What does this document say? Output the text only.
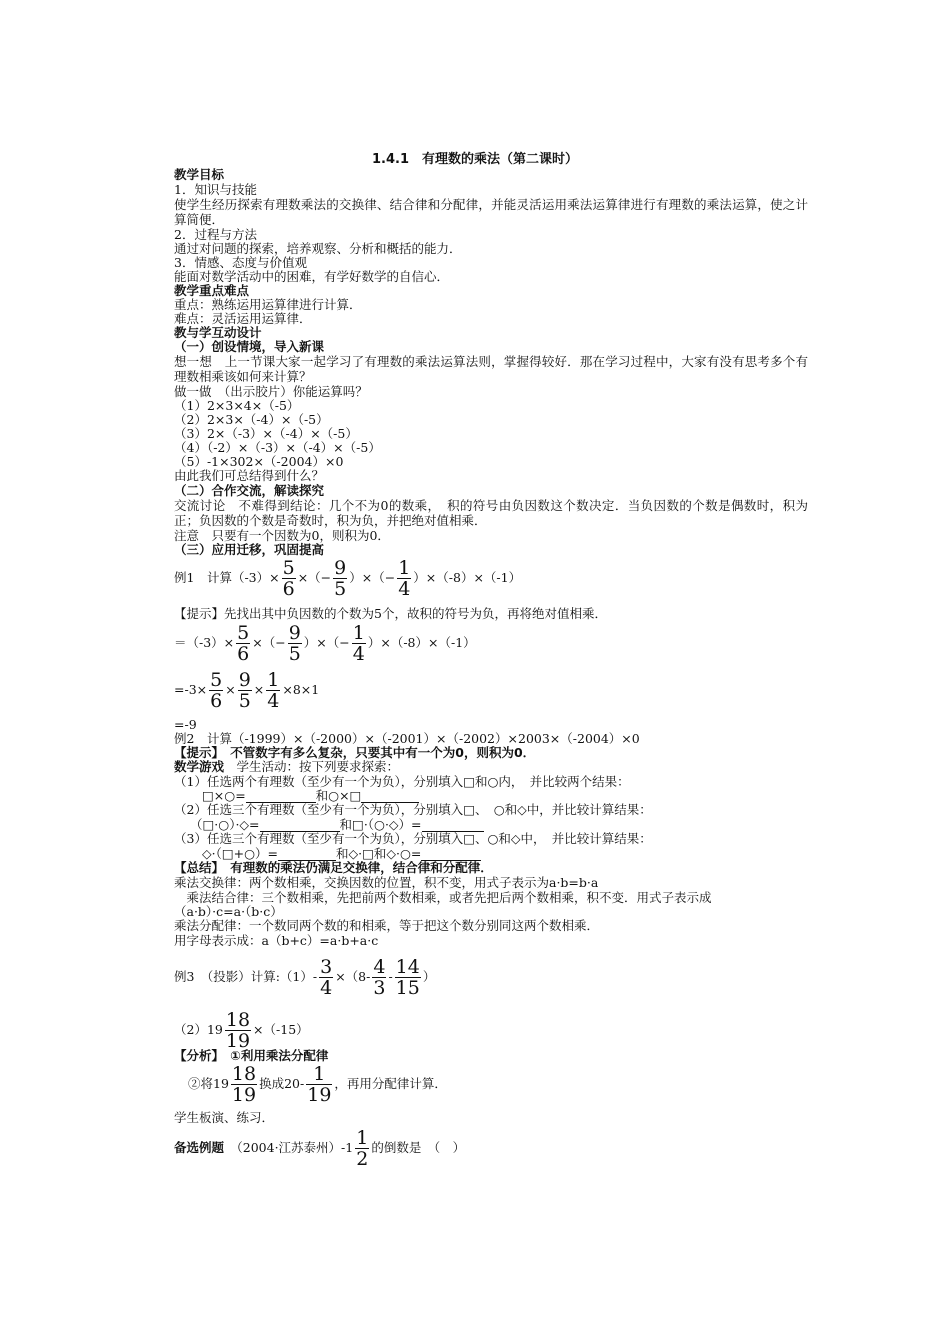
1.4.1　有理数的乘法（第二课时）
教学目标
1．知识与技能
使学生经历探索有理数乘法的交换律、结合律和分配律，并能灵活运用乘法运算律进行有理数的乘法运算，使之计算简便．
2．过程与方法
通过对问题的探索，培养观察、分析和概括的能力．
3．情感、态度与价值观
能面对数学活动中的困难，有学好数学的自信心．
教学重点难点
重点：熟练运用运算律进行计算．
难点：灵活运用运算律．
教与学互动设计
（一）创设情境，导入新课
想一想　上一节课大家一起学习了有理数的乘法运算法则，掌握得较好．那在学习过程中，大家有没有思考多个有理数相乘该如何来计算？
做一做　（出示胶片）你能运算吗？
（1）2×3×4×（-5）
（2）2×3×（-4）×（-5）
（3）2×（-3）×（-4）×（-5）
（4）（-2）×（-3）×（-4）×（-5）
（5）-1×302×（-2004）×0
由此我们可总结得到什么？
（二）合作交流，解读探究
交流讨论　不难得到结论：几个不为0的数乘，　积的符号由负因数这个数决定．当负因数的个数是偶数时，积为正；负因数的个数是奇数时，积为负，并把绝对值相乘．
注意　只要有一个因数为0，则积为0．
（三）应用迁移，巩固提高
例1　计算$(-3)\times \frac{5}{6}$ ×（− $\frac{9}{5}$ ）×（− $\frac{1}{4} )\times(-8)\times(-1)$
【提示】先找出其中负因数的个数为5个，故积的符号为负，再将绝对值相乘．
$=(-3)\times \frac{5}{6}$ ×（− $\frac{9}{5}$ ）×（− $\frac{1}{4} )\times(-8)\times(-1)$
$=-3\times \frac{5}{6} \times \frac{9}{5} \times \frac{1}{4} \times 8\times 1$
=-9
例2　计算（-1999）×（-2000）×（-2001）×（-2002）×2003×（-2004）×0
【提示】　不管数字有多么复杂，只要其中有一个为0，则积为0．
数学游戏　学生活动：按下列要求探索：
（1）任选两个有理数（至少有一个为负），分别填入□和○内，　并比较两个结果：
□×○=	和○×□
（2）任选三个有理数（至少有一个为负），分别填入□、　○和◇中，并比较计算结果：
（□·○）·◇=	和□·（○·◇）=
（3）任选三个有理数（至少有一个为负），分别填入□、○和◇中，　并比较计算结果：
◇·（□+○）=	和◇·□和◇·○=
【总结】　有理数的乘法仍满足交换律，结合律和分配律．
乘法交换律：两个数相乘，交换因数的位置，积不变，用式子表示为a·b=b·a
　乘法结合律：三个数相乘，先把前两个数相乘，或者先把后两个数相乘，积不变．用式子表示成
（a·b）·c=a·（b·c）
乘法分配律：一个数同两个数的和相乘，等于把这个数分别同这两个数相乘．
用字母表示成：a（b+c）=a·b+a·c
例3　（投影）计算:（1）- $\frac{3}{4} \times(8- \frac{4}{3} - \frac{14}{15}$ ）
$(2)19 \frac{18}{19} \times(-15)$
【分析】　①利用乘法分配律
②将$19 \frac{18}{19}$ 换成$20- \frac{1}{19}$ ，再用分配律计算．
学生板演、练习．
备选例题　（2004·江苏泰州）$-1 \frac{1}{2}$ 的倒数是　（　）
